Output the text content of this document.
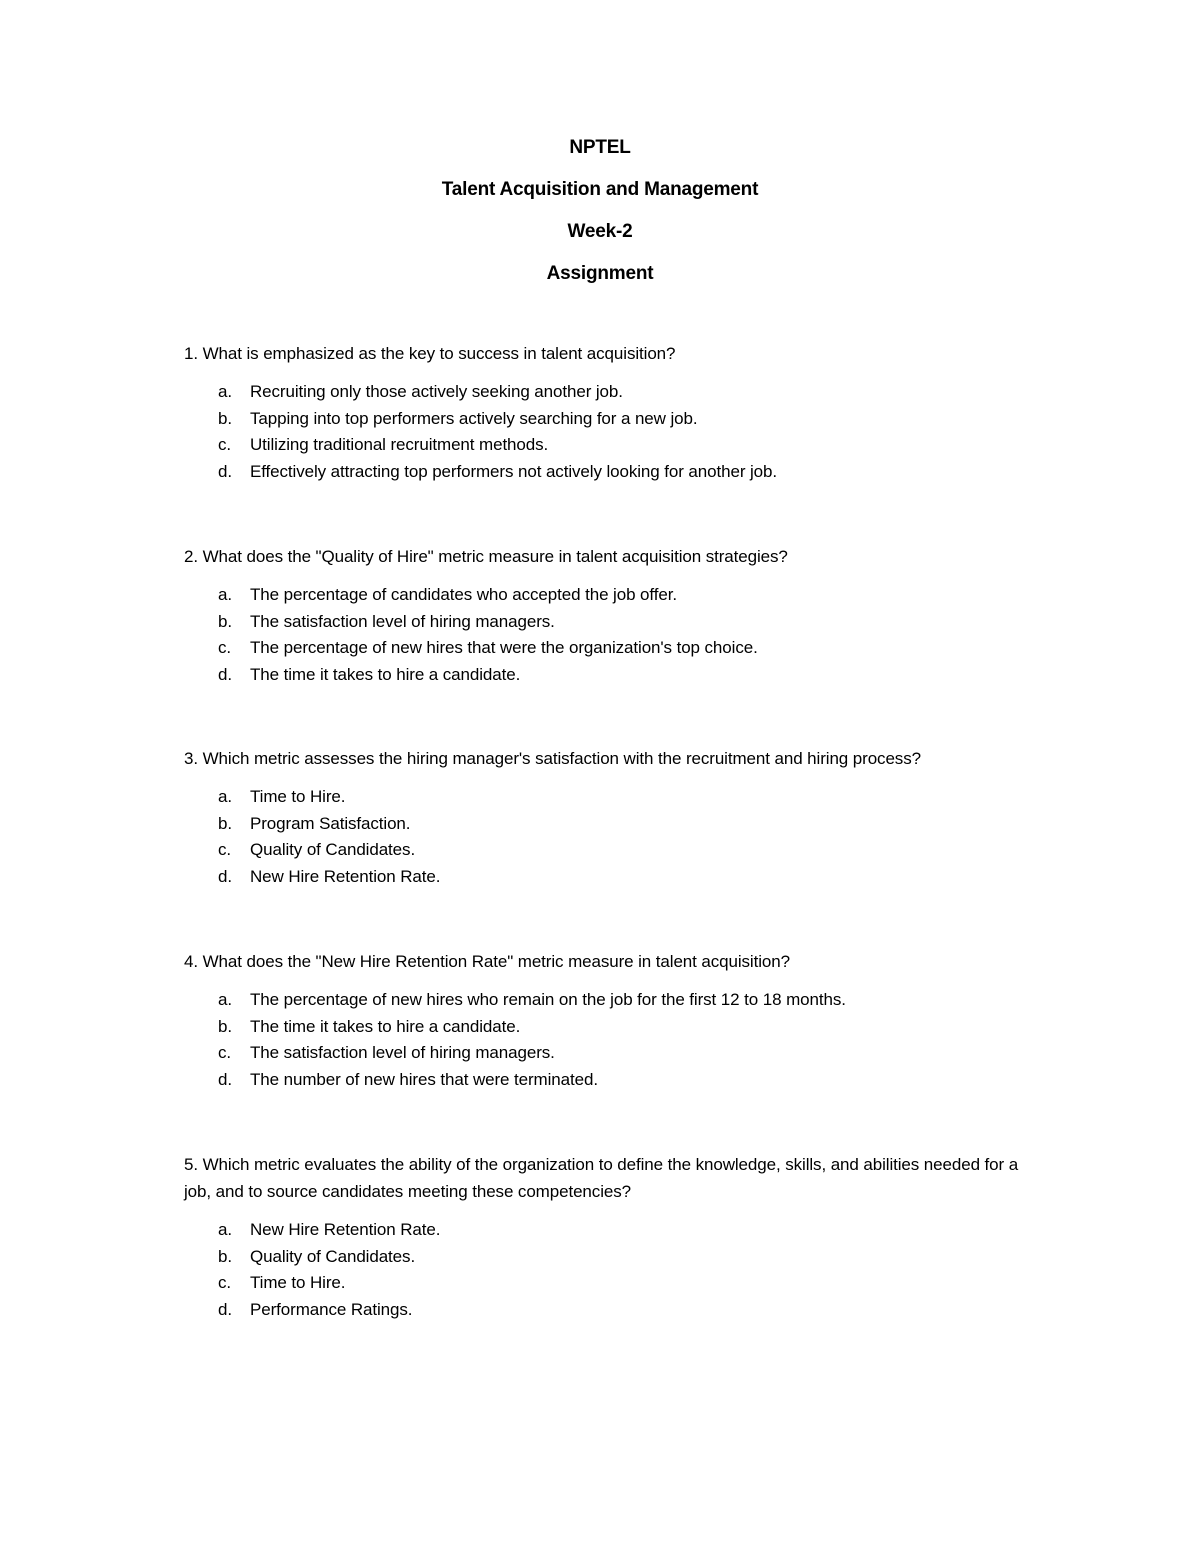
NPTEL
Talent Acquisition and Management
Week-2
Assignment

1. What is emphasized as the key to success in talent acquisition?

a.	Recruiting only those actively seeking another job.
b.	Tapping into top performers actively searching for a new job.
c.	Utilizing traditional recruitment methods.
d.	Effectively attracting top performers not actively looking for another job.

2. What does the "Quality of Hire" metric measure in talent acquisition strategies?

a.	The percentage of candidates who accepted the job offer.
b.	The satisfaction level of hiring managers.
c.	The percentage of new hires that were the organization's top choice.
d.	The time it takes to hire a candidate.

3. Which metric assesses the hiring manager's satisfaction with the recruitment and hiring process?

a.	Time to Hire.
b.	Program Satisfaction.
c.	Quality of Candidates.
d.	New Hire Retention Rate.

4. What does the "New Hire Retention Rate" metric measure in talent acquisition?

a.	The percentage of new hires who remain on the job for the first 12 to 18 months.
b.	The time it takes to hire a candidate.
c.	The satisfaction level of hiring managers.
d.	The number of new hires that were terminated.

5. Which metric evaluates the ability of the organization to define the knowledge, skills, and abilities needed for a job, and to source candidates meeting these competencies?

a.	New Hire Retention Rate.
b.	Quality of Candidates.
c.	Time to Hire.
d.	Performance Ratings.
